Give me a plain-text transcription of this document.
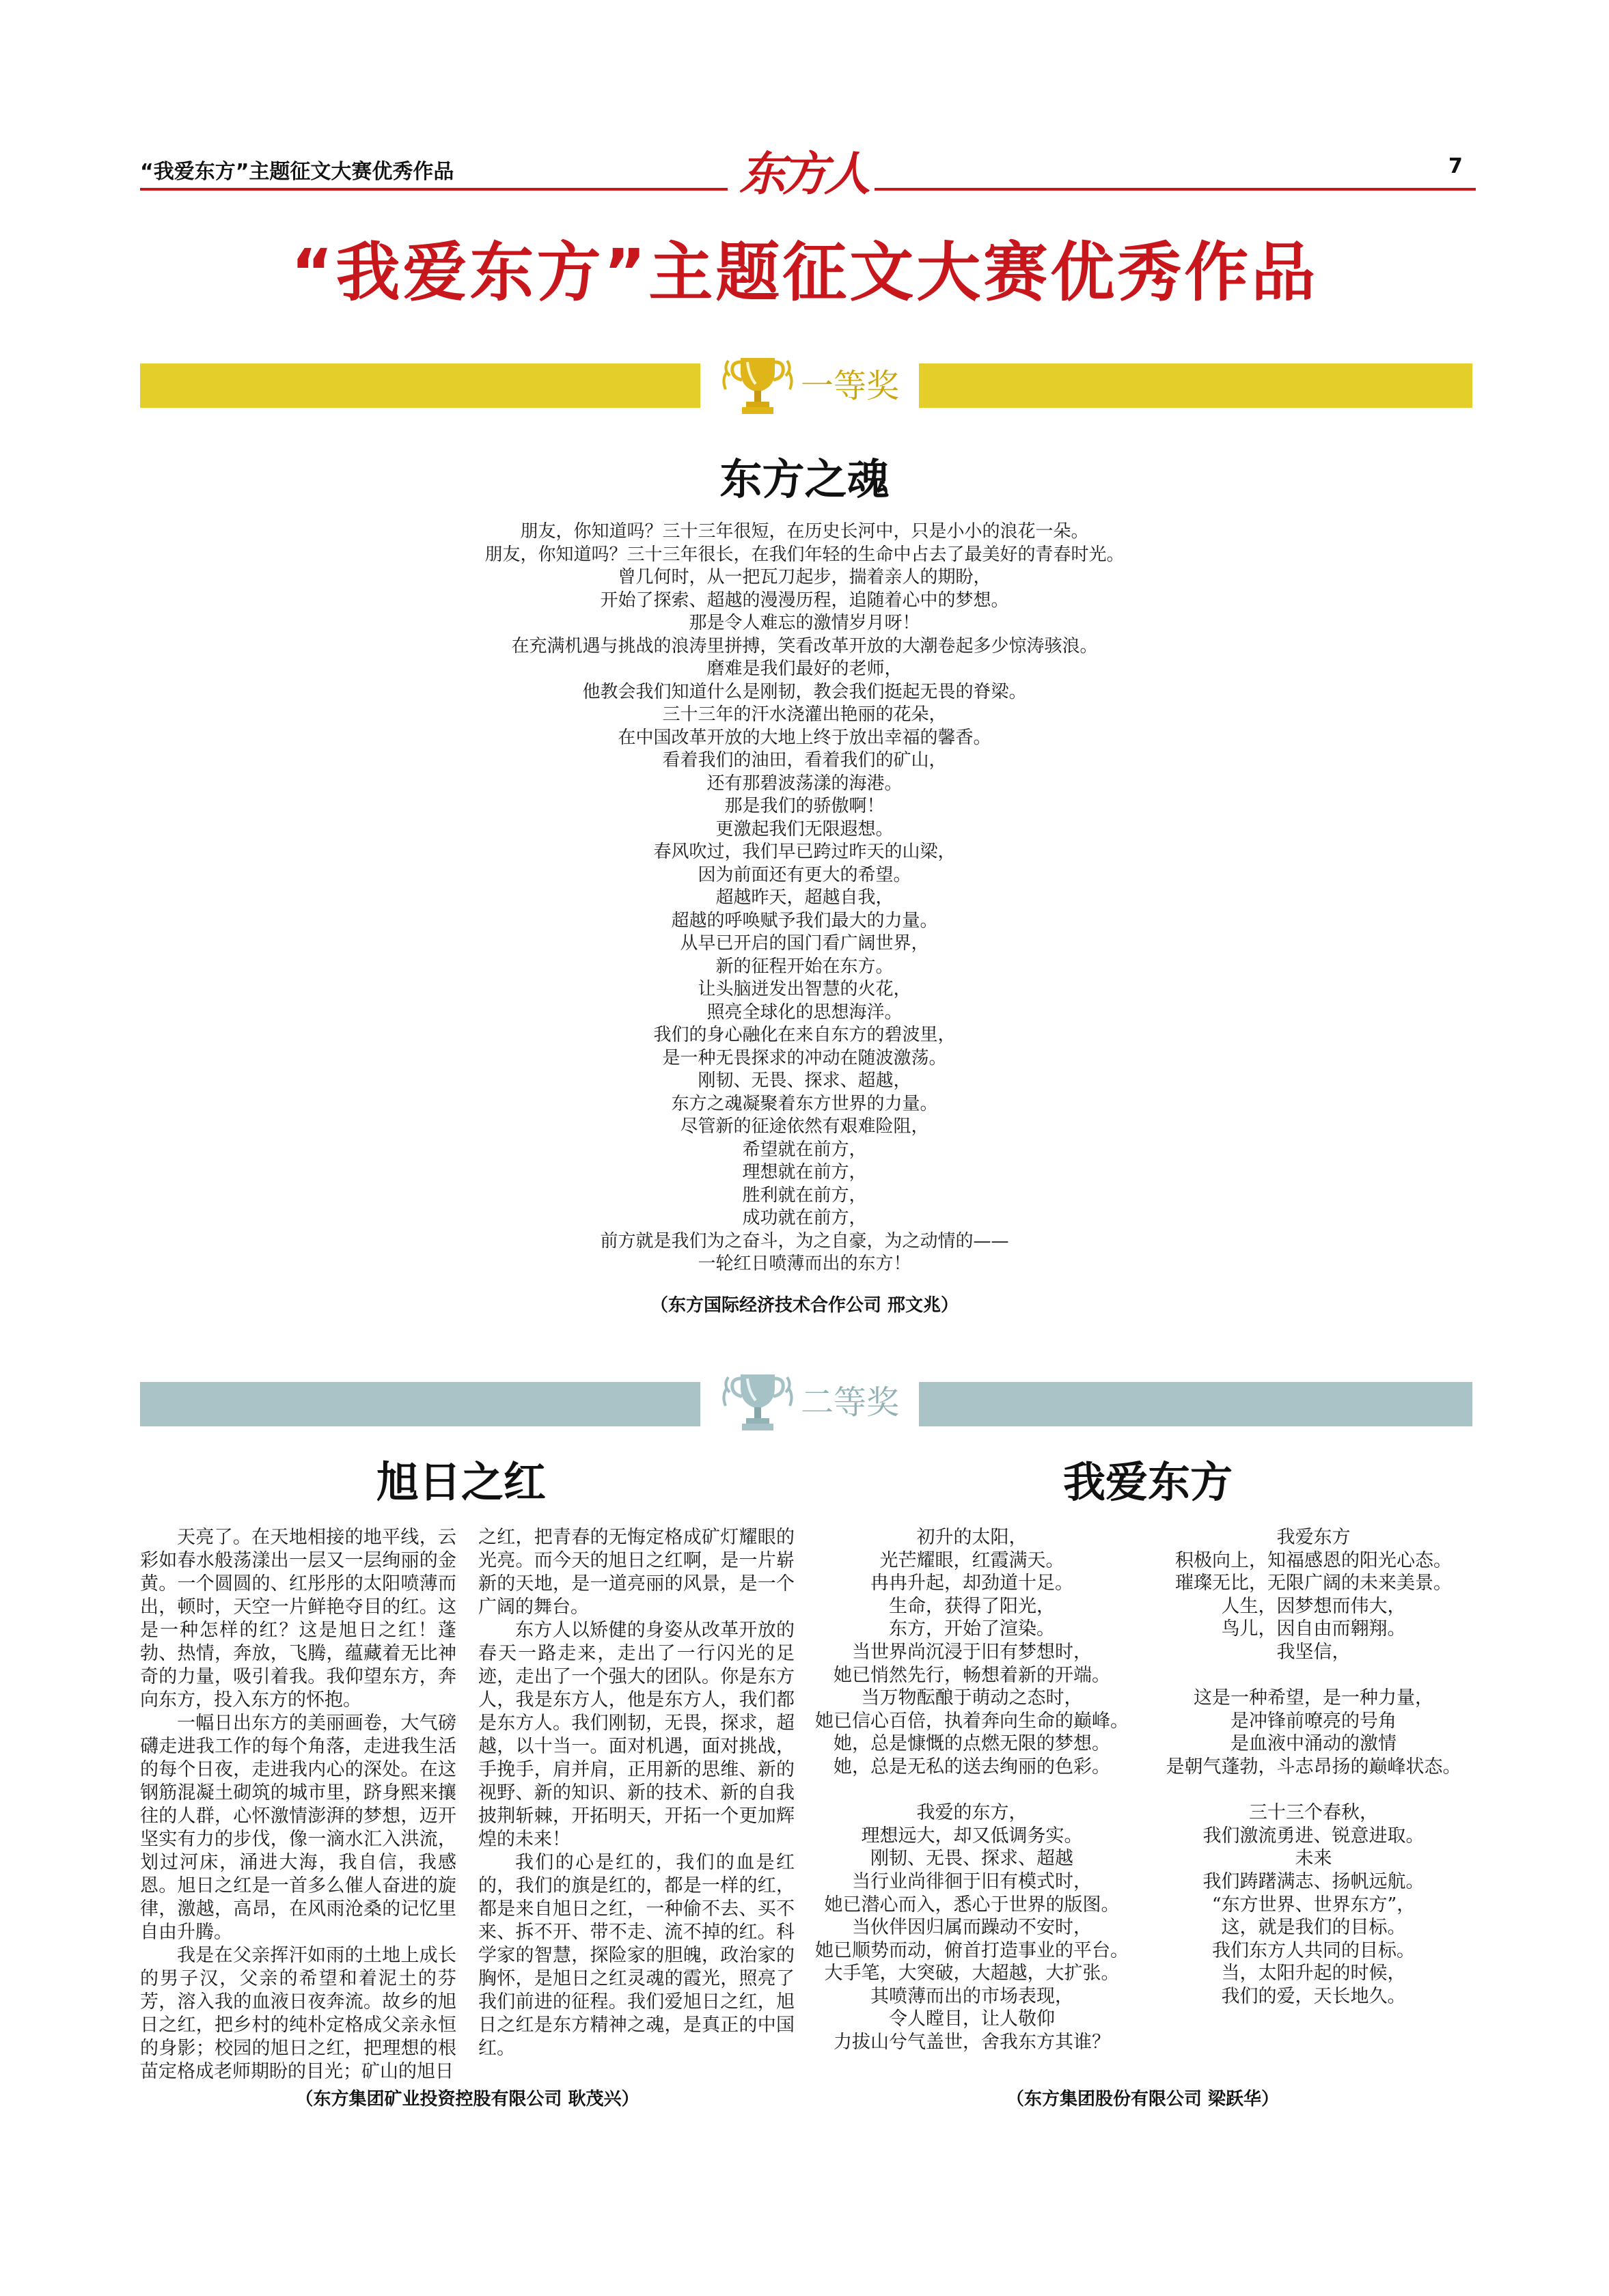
“我爱东方”主题征文大赛优秀作品	东方人	7
“我爱东方”主题征文大赛优秀作品
一等奖
东方之魂
朋友，你知道吗？三十三年很短，在历史长河中，只是小小的浪花一朵。
朋友，你知道吗？三十三年很长，在我们年轻的生命中占去了最美好的青春时光。
曾几何时，从一把瓦刀起步，揣着亲人的期盼，
开始了探索、超越的漫漫历程，追随着心中的梦想。
那是令人难忘的激情岁月呀！
在充满机遇与挑战的浪涛里拼搏，笑看改革开放的大潮卷起多少惊涛骇浪。
磨难是我们最好的老师，
他教会我们知道什么是刚韧，教会我们挺起无畏的脊梁。
三十三年的汗水浇灌出艳丽的花朵，
在中国改革开放的大地上终于放出幸福的馨香。
看着我们的油田，看着我们的矿山，
还有那碧波荡漾的海港。
那是我们的骄傲啊！
更激起我们无限遐想。
春风吹过，我们早已跨过昨天的山梁，
因为前面还有更大的希望。
超越昨天，超越自我，
超越的呼唤赋予我们最大的力量。
从早已开启的国门看广阔世界，
新的征程开始在东方。
让头脑迸发出智慧的火花，
照亮全球化的思想海洋。
我们的身心融化在来自东方的碧波里，
是一种无畏探求的冲动在随波激荡。
刚韧、无畏、探求、超越，
东方之魂凝聚着东方世界的力量。
尽管新的征途依然有艰难险阻，
希望就在前方，
理想就在前方，
胜利就在前方，
成功就在前方，
前方就是我们为之奋斗，为之自豪，为之动情的——
一轮红日喷薄而出的东方！
（东方国际经济技术合作公司 邢文兆）
二等奖
旭日之红

天亮了。在天地相接的地平线，云彩如春水般荡漾出一层又一层绚丽的金黄。一个圆圆的、红彤彤的太阳喷薄而出，顿时，天空一片鲜艳夺目的红。这是一种怎样的红？这是旭日之红！蓬勃、热情，奔放，飞腾，蕴藏着无比神奇的力量，吸引着我。我仰望东方，奔向东方，投入东方的怀抱。

一幅日出东方的美丽画卷，大气磅礴走进我工作的每个角落，走进我生活的每个日夜，走进我内心的深处。在这钢筋混凝土砌筑的城市里，跻身熙来攘往的人群，心怀激情澎湃的梦想，迈开坚实有力的步伐，像一滴水汇入洪流，划过河床，涌进大海，我自信，我感恩。旭日之红是一首多么催人奋进的旋律，激越，高昂，在风雨沧桑的记忆里自由升腾。

我是在父亲挥汗如雨的土地上成长的男子汉，父亲的希望和着泥土的芬芳，溶入我的血液日夜奔流。故乡的旭日之红，把乡村的纯朴定格成父亲永恒的身影；校园的旭日之红，把理想的根苗定格成老师期盼的目光；矿山的旭日

之红，把青春的无悔定格成矿灯耀眼的光亮。而今天的旭日之红啊，是一片崭新的天地，是一道亮丽的风景，是一个广阔的舞台。

东方人以矫健的身姿从改革开放的春天一路走来，走出了一行闪光的足迹，走出了一个强大的团队。你是东方人，我是东方人，他是东方人，我们都是东方人。我们刚韧，无畏，探求，超越，以十当一。面对机遇，面对挑战，手挽手，肩并肩，正用新的思维、新的视野、新的知识、新的技术、新的自我披荆斩棘，开拓明天，开拓一个更加辉煌的未来！

我们的心是红的，我们的血是红的，我们的旗是红的，都是一样的红，都是来自旭日之红，一种偷不去、买不来、拆不开、带不走、流不掉的红。科学家的智慧，探险家的胆魄，政治家的胸怀，是旭日之红灵魂的霞光，照亮了我们前进的征程。我们爱旭日之红，旭日之红是东方精神之魂，是真正的中国红。

（东方集团矿业投资控股有限公司 耿茂兴）
我爱东方
初升的太阳，
光芒耀眼，红霞满天。
冉冉升起，却劲道十足。
生命，获得了阳光，
东方，开始了渲染。
当世界尚沉浸于旧有梦想时，
她已悄然先行，畅想着新的开端。
当万物酝酿于萌动之态时，
她已信心百倍，执着奔向生命的巅峰。
她，总是慷慨的点燃无限的梦想。
她，总是无私的送去绚丽的色彩。
我爱的东方，
理想远大，却又低调务实。
刚韧、无畏、探求、超越
当行业尚徘徊于旧有模式时，
她已潜心而入，悉心于世界的版图。
当伙伴因归属而躁动不安时，
她已顺势而动，俯首打造事业的平台。
大手笔，大突破，大超越，大扩张。
其喷薄而出的市场表现，
令人瞠目，让人敬仰
力拔山兮气盖世，舍我东方其谁？
我爱东方
积极向上，知福感恩的阳光心态。
璀璨无比，无限广阔的未来美景。
人生，因梦想而伟大，
鸟儿，因自由而翱翔。
我坚信，
这是一种希望，是一种力量，
是冲锋前嘹亮的号角
是血液中涌动的激情
是朝气蓬勃，斗志昂扬的巅峰状态。
三十三个春秋，
我们激流勇进、锐意进取。
未来
我们踌躇满志、扬帆远航。
“东方世界、世界东方”，
这，就是我们的目标。
我们东方人共同的目标。
当，太阳升起的时候，
我们的爱，天长地久。
（东方集团股份有限公司 梁跃华）
